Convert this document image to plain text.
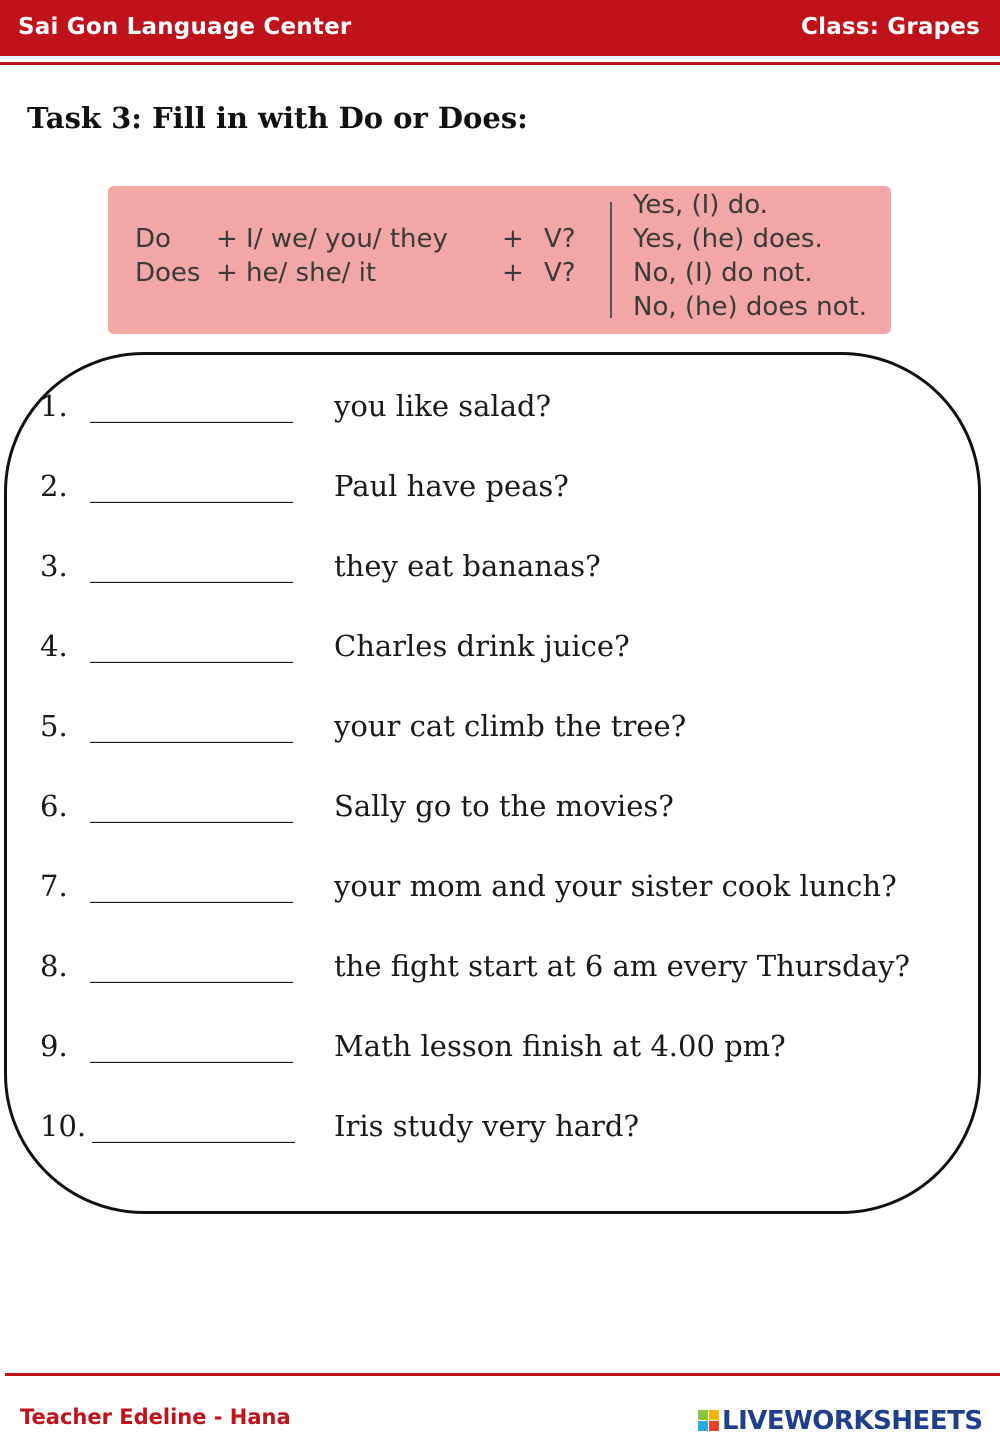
Sai Gon Language Center	Class: Grapes
Task 3: Fill in with Do or Does:
Do + I/ we/ you/ they + V?
Does + he/ she/ it	+ V?
Yes, (I) do.
Yes, (he) does.
No, (I) do not.
No, (he) does not.
1. ______________ you like salad?
2. ______________ Paul have peas?
3. ______________ they eat bananas?
4. ______________ Charles drink juice?
5. ______________ your cat climb the tree?
6. ______________ Sally go to the movies?
7. ______________ your mom and your sister cook lunch?
8. ______________ the fight start at 6 am every Thursday?
9. ______________ Math lesson finish at 4.00 pm?
10. ______________ Iris study very hard?
Teacher Edeline - Hana	LIVEWORKSHEETS
